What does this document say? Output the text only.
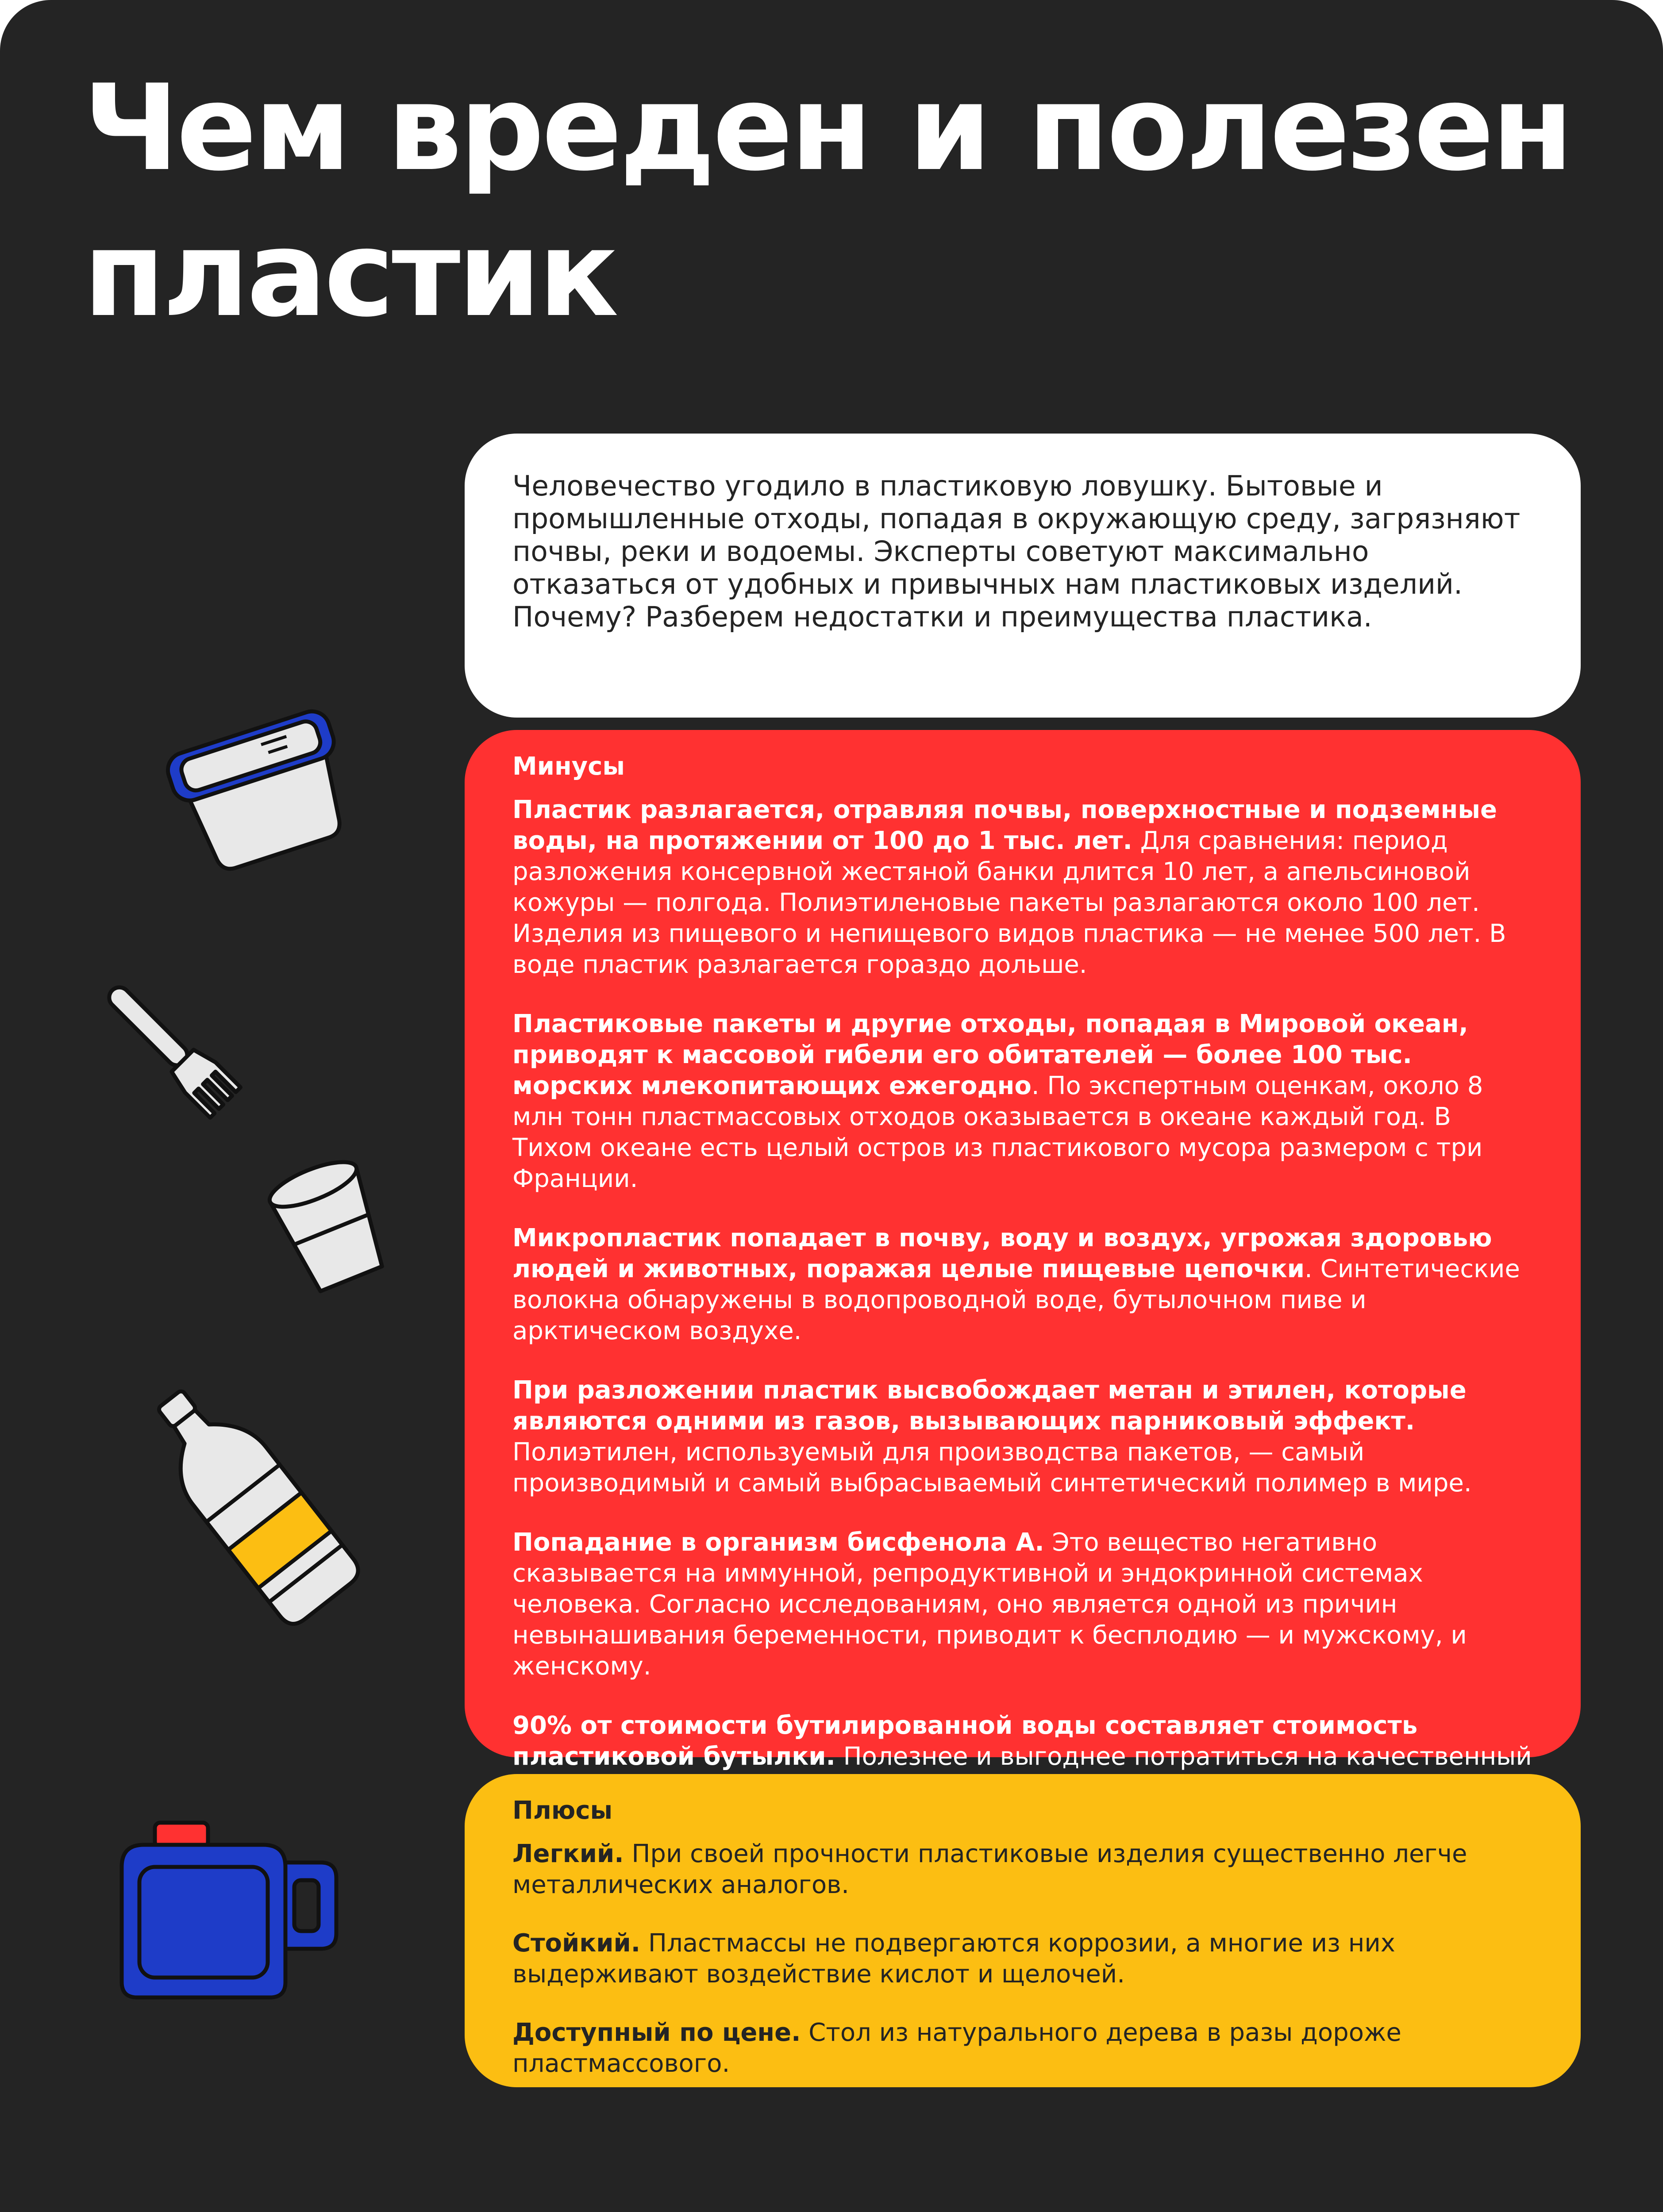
Чем вреден и полезен
пластик

Человечество угодило в пластиковую ловушку. Бытовые и промышленные отходы, попадая в окружающую среду, загрязняют почвы, реки и водоемы. Эксперты советуют максимально отказаться от удобных и привычных нам пластиковых изделий. Почему? Разберем недостатки и преимущества пластика.

Минусы

Пластик разлагается, отравляя почвы, поверхностные и подземные воды, на протяжении от 100 до 1 тыс. лет. Для сравнения: период разложения консервной жестяной банки длится 10 лет, а апельсиновой кожуры — полгода. Полиэтиленовые пакеты разлагаются около 100 лет. Изделия из пищевого и непищевого видов пластика — не менее 500 лет. В воде пластик разлагается гораздо дольше.

Пластиковые пакеты и другие отходы, попадая в Мировой океан, приводят к массовой гибели его обитателей — более 100 тыс. морских млекопитающих ежегодно. По экспертным оценкам, около 8 млн тонн пластмассовых отходов оказывается в океане каждый год. В Тихом океане есть целый остров из пластикового мусора размером с три Франции.

Микропластик попадает в почву, воду и воздух, угрожая здоровью людей и животных, поражая целые пищевые цепочки. Синтетические волокна обнаружены в водопроводной воде, бутылочном пиве и арктическом воздухе.

При разложении пластик высвобождает метан и этилен, которые являются одними из газов, вызывающих парниковый эффект. Полиэтилен, используемый для производства пакетов, — самый производимый и самый выбрасываемый синтетический полимер в мире.

Попадание в организм бисфенола А. Это вещество негативно сказывается на иммунной, репродуктивной и эндокринной системах человека. Согласно исследованиям, оно является одной из причин невынашивания беременности, приводит к бесплодию — и мужскому, и женскому.

90% от стоимости бутилированной воды составляет стоимость пластиковой бутылки. Полезнее и выгоднее потратиться на качественный

Плюсы

Легкий. При своей прочности пластиковые изделия существенно легче металлических аналогов.

Стойкий. Пластмассы не подвергаются коррозии, а многие из них выдерживают воздействие кислот и щелочей.

Доступный по цене. Стол из натурального дерева в разы дороже пластмассового.
